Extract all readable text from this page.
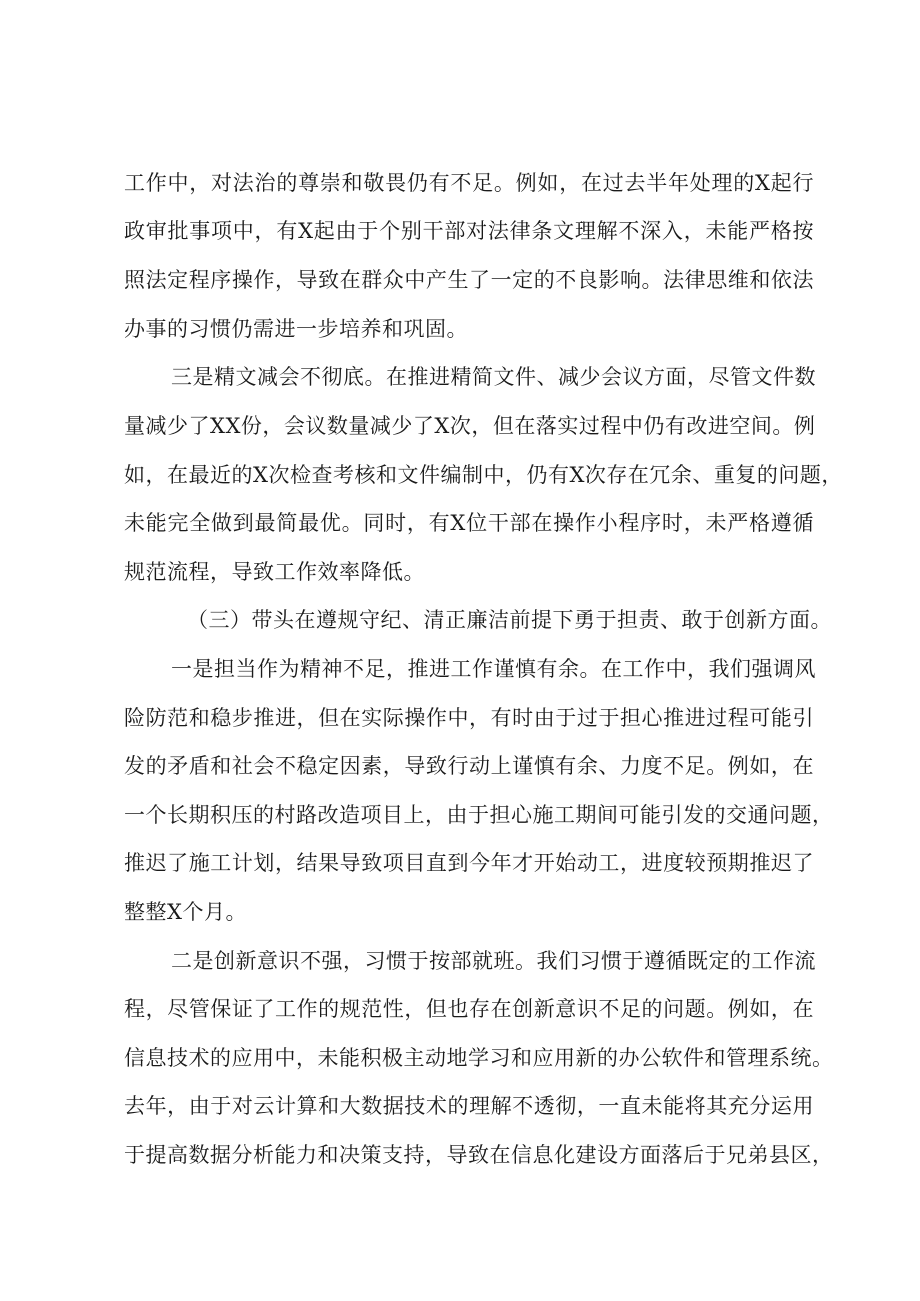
工作中，对法治的尊崇和敬畏仍有不足。例如，在过去半年处理的X起行
政审批事项中，有X起由于个别干部对法律条文理解不深入，未能严格按
照法定程序操作，导致在群众中产生了一定的不良影响。法律思维和依法
办事的习惯仍需进一步培养和巩固。
三是精文减会不彻底。在推进精简文件、减少会议方面，尽管文件数
量减少了XX份，会议数量减少了X次，但在落实过程中仍有改进空间。例
如，在最近的X次检查考核和文件编制中，仍有X次存在冗余、重复的问题，
未能完全做到最简最优。同时，有X位干部在操作小程序时，未严格遵循
规范流程，导致工作效率降低。
（三）带头在遵规守纪、清正廉洁前提下勇于担责、敢于创新方面。
一是担当作为精神不足，推进工作谨慎有余。在工作中，我们强调风
险防范和稳步推进，但在实际操作中，有时由于过于担心推进过程可能引
发的矛盾和社会不稳定因素，导致行动上谨慎有余、力度不足。例如，在
一个长期积压的村路改造项目上，由于担心施工期间可能引发的交通问题，
推迟了施工计划，结果导致项目直到今年才开始动工，进度较预期推迟了
整整X个月。
二是创新意识不强，习惯于按部就班。我们习惯于遵循既定的工作流
程，尽管保证了工作的规范性，但也存在创新意识不足的问题。例如，在
信息技术的应用中，未能积极主动地学习和应用新的办公软件和管理系统。
去年，由于对云计算和大数据技术的理解不透彻，一直未能将其充分运用
于提高数据分析能力和决策支持，导致在信息化建设方面落后于兄弟县区，
